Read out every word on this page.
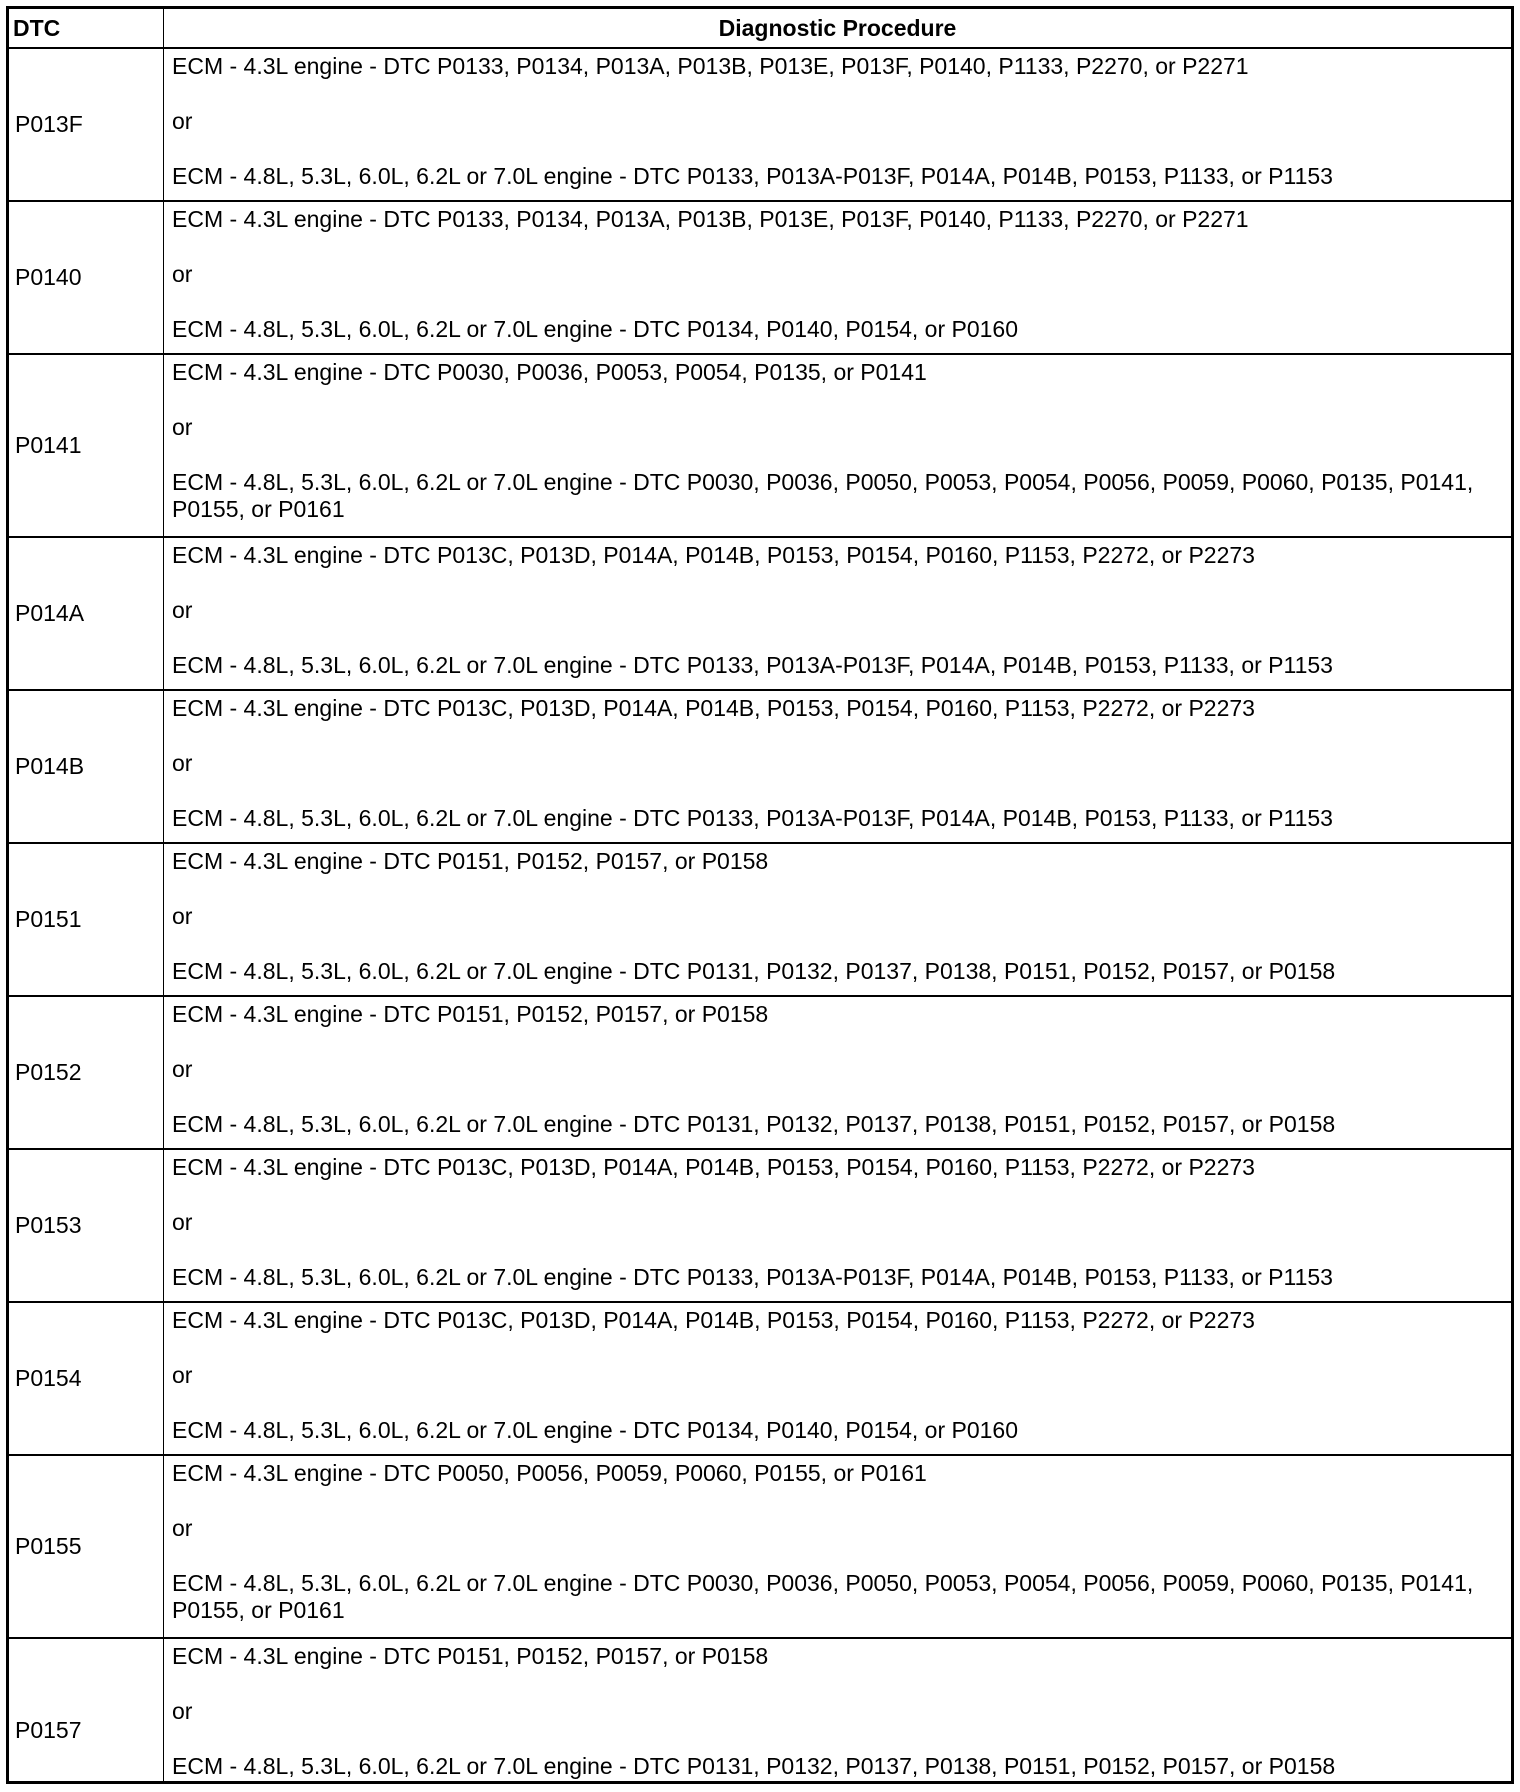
DTC	Diagnostic Procedure
P013F
ECM - 4.3L engine - DTC P0133, P0134, P013A, P013B, P013E, P013F, P0140, P1133, P2270, or P2271
or
ECM - 4.8L, 5.3L, 6.0L, 6.2L or 7.0L engine - DTC P0133, P013A-P013F, P014A, P014B, P0153, P1133, or P1153
P0140
ECM - 4.3L engine - DTC P0133, P0134, P013A, P013B, P013E, P013F, P0140, P1133, P2270, or P2271
or
ECM - 4.8L, 5.3L, 6.0L, 6.2L or 7.0L engine - DTC P0134, P0140, P0154, or P0160
P0141
ECM - 4.3L engine - DTC P0030, P0036, P0053, P0054, P0135, or P0141
or
ECM - 4.8L, 5.3L, 6.0L, 6.2L or 7.0L engine - DTC P0030, P0036, P0050, P0053, P0054, P0056, P0059, P0060, P0135, P0141, P0155, or P0161
P014A
ECM - 4.3L engine - DTC P013C, P013D, P014A, P014B, P0153, P0154, P0160, P1153, P2272, or P2273
or
ECM - 4.8L, 5.3L, 6.0L, 6.2L or 7.0L engine - DTC P0133, P013A-P013F, P014A, P014B, P0153, P1133, or P1153
P014B
ECM - 4.3L engine - DTC P013C, P013D, P014A, P014B, P0153, P0154, P0160, P1153, P2272, or P2273
or
ECM - 4.8L, 5.3L, 6.0L, 6.2L or 7.0L engine - DTC P0133, P013A-P013F, P014A, P014B, P0153, P1133, or P1153
P0151
ECM - 4.3L engine - DTC P0151, P0152, P0157, or P0158
or
ECM - 4.8L, 5.3L, 6.0L, 6.2L or 7.0L engine - DTC P0131, P0132, P0137, P0138, P0151, P0152, P0157, or P0158
P0152
ECM - 4.3L engine - DTC P0151, P0152, P0157, or P0158
or
ECM - 4.8L, 5.3L, 6.0L, 6.2L or 7.0L engine - DTC P0131, P0132, P0137, P0138, P0151, P0152, P0157, or P0158
P0153
ECM - 4.3L engine - DTC P013C, P013D, P014A, P014B, P0153, P0154, P0160, P1153, P2272, or P2273
or
ECM - 4.8L, 5.3L, 6.0L, 6.2L or 7.0L engine - DTC P0133, P013A-P013F, P014A, P014B, P0153, P1133, or P1153
P0154
ECM - 4.3L engine - DTC P013C, P013D, P014A, P014B, P0153, P0154, P0160, P1153, P2272, or P2273
or
ECM - 4.8L, 5.3L, 6.0L, 6.2L or 7.0L engine - DTC P0134, P0140, P0154, or P0160
P0155
ECM - 4.3L engine - DTC P0050, P0056, P0059, P0060, P0155, or P0161
or
ECM - 4.8L, 5.3L, 6.0L, 6.2L or 7.0L engine - DTC P0030, P0036, P0050, P0053, P0054, P0056, P0059, P0060, P0135, P0141, P0155, or P0161
P0157
ECM - 4.3L engine - DTC P0151, P0152, P0157, or P0158
or
ECM - 4.8L, 5.3L, 6.0L, 6.2L or 7.0L engine - DTC P0131, P0132, P0137, P0138, P0151, P0152, P0157, or P0158
